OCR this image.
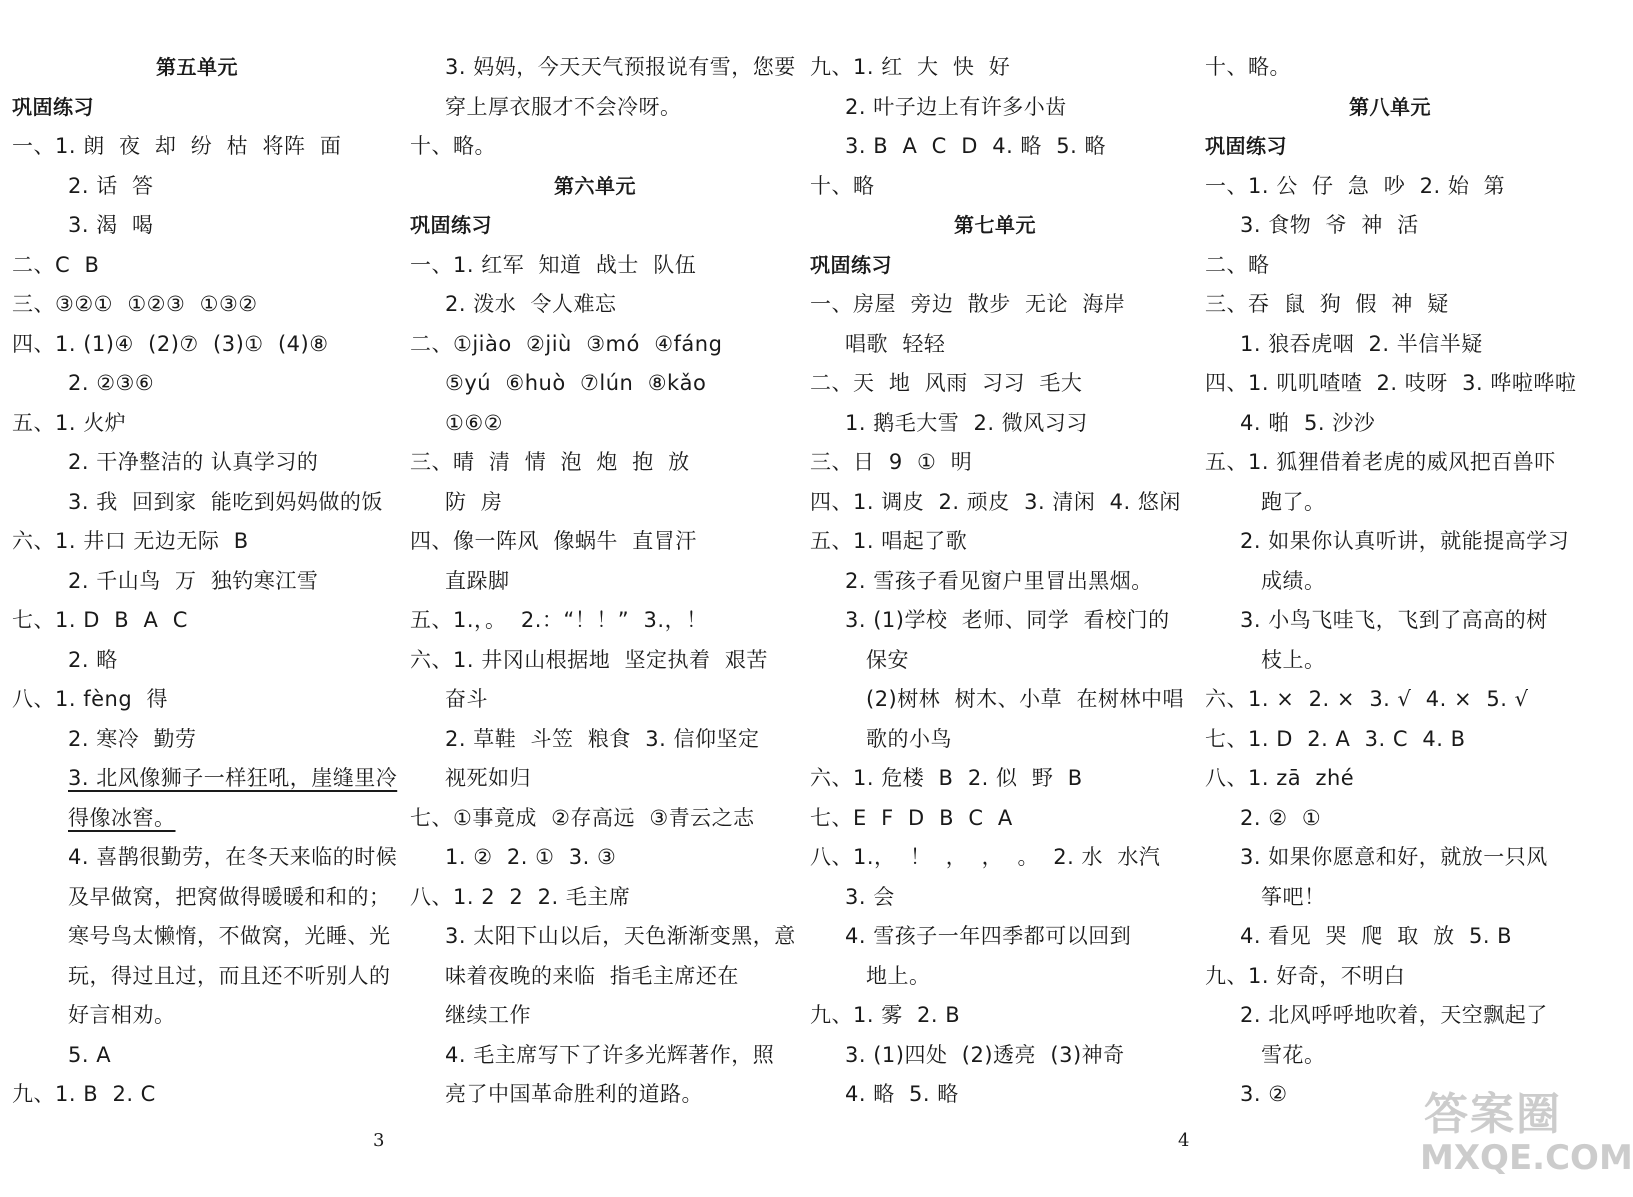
第五单元
巩固练习
一、1. 朗  夜  却  纷  枯  将阵  面
2. 话  答
3. 渴  喝
二、C  B
三、③②①  ①②③  ①③②
四、1. (1)④  (2)⑦  (3)①  (4)⑧
2. ②③⑥
五、1. 火炉
2. 干净整洁的 认真学习的
3. 我  回到家  能吃到妈妈做的饭
六、1. 井口 无边无际  B
2. 千山鸟  万  独钓寒江雪
七、1. D  B  A  C
2. 略
八、1. fèng  得
2. 寒冷  勤劳
3. 北风像狮子一样狂吼，崖缝里冷
得像冰窖。
4. 喜鹊很勤劳，在冬天来临的时候
及早做窝，把窝做得暖暖和和的；
寒号鸟太懒惰，不做窝，光睡、光
玩，得过且过，而且还不听别人的
好言相劝。
5. A
九、1. B  2. C
3. 妈妈，今天天气预报说有雪，您要
穿上厚衣服才不会冷呀。
十、略。
第六单元
巩固练习
一、1. 红军  知道  战士  队伍
2. 泼水  令人难忘
二、①jiào  ②jiù  ③mó  ④fáng
⑤yú  ⑥huò  ⑦lún  ⑧kǎo
①⑥②
三、晴  清  情  泡  炮  抱  放
防  房
四、像一阵风  像蜗牛  直冒汗
直跺脚
五、1.，。  2.：“！！”  3.，！
六、1. 井冈山根据地  坚定执着  艰苦
奋斗
2. 草鞋  斗笠  粮食  3. 信仰坚定
视死如归
七、①事竟成  ②存高远  ③青云之志
1. ②  2. ①  3. ③
八、1. 2  2  2. 毛主席
3. 太阳下山以后，天色渐渐变黑，意
味着夜晚的来临  指毛主席还在
继续工作
4. 毛主席写下了许多光辉著作，照
亮了中国革命胜利的道路。
3
九、1. 红  大  快  好
2. 叶子边上有许多小齿
3. B  A  C  D  4. 略  5. 略
十、略
第七单元
巩固练习
一、房屋  旁边  散步  无论  海岸
唱歌  轻轻
二、天  地  风雨  习习  毛大
1. 鹅毛大雪  2. 微风习习
三、日  9  ①  明
四、1. 调皮  2. 顽皮  3. 清闲  4. 悠闲
五、1. 唱起了歌
2. 雪孩子看见窗户里冒出黑烟。
3. (1)学校  老师、同学  看校门的
保安
(2)树林  树木、小草  在树林中唱
歌的小鸟
六、1. 危楼  B  2. 似  野  B
七、E  F  D  B  C  A
八、1.，  ！  ，  ，  。  2. 水  水汽
3. 会
4. 雪孩子一年四季都可以回到
地上。
九、1. 雾  2. B
3. (1)四处  (2)透亮  (3)神奇
4. 略  5. 略
十、略。
第八单元
巩固练习
一、1. 公  仔  急  吵  2. 始  第
3. 食物  爷  神  活
二、略
三、吞  鼠  狗  假  神  疑
1. 狼吞虎咽  2. 半信半疑
四、1. 叽叽喳喳  2. 吱呀  3. 哗啦哗啦
4. 啪  5. 沙沙
五、1. 狐狸借着老虎的威风把百兽吓
跑了。
2. 如果你认真听讲，就能提高学习
成绩。
3. 小鸟飞哇飞，飞到了高高的树
枝上。
六、1. ×  2. ×  3. √  4. ×  5. √
七、1. D  2. A  3. C  4. B
八、1. zā  zhé
2. ②  ①
3. 如果你愿意和好，就放一只风
筝吧！
4. 看见  哭  爬  取  放  5. B
九、1. 好奇，不明白
2. 北风呼呼地吹着，天空飘起了
雪花。
3. ②
4
答案圈
MXQE.COM
